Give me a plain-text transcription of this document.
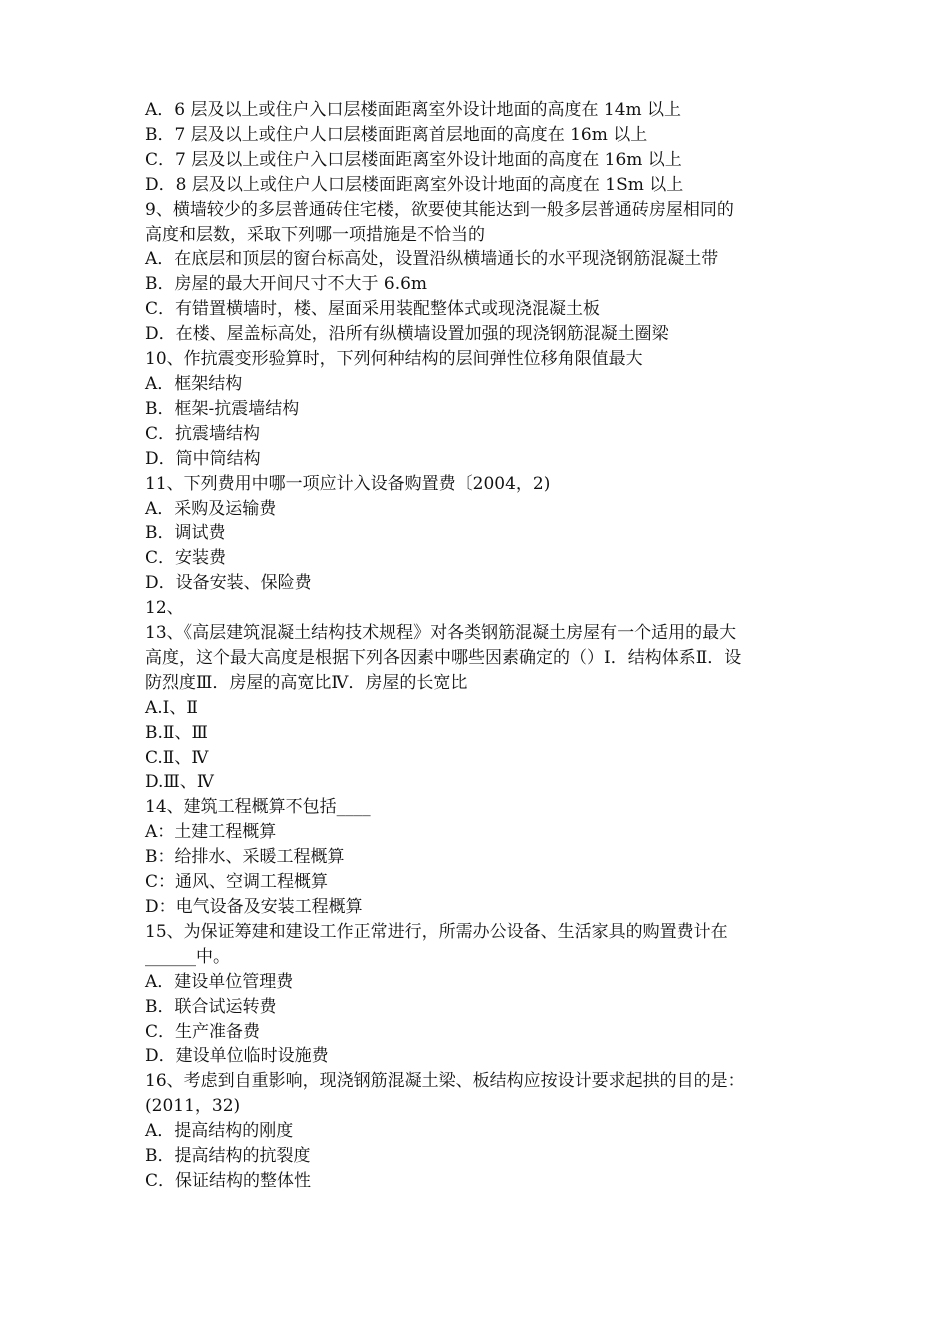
A．6 层及以上或住户入口层楼面距离室外设计地面的高度在 14m 以上

B．7 层及以上或住户人口层楼面距离首层地面的高度在 16m 以上

C．7 层及以上或住户入口层楼面距离室外设计地面的高度在 16m 以上

D．8 层及以上或住户人口层楼面距离室外设计地面的高度在 1Sm 以上

9、横墙较少的多层普通砖住宅楼，欲要使其能达到一般多层普通砖房屋相同的

高度和层数，采取下列哪一项措施是不恰当的

A．在底层和顶层的窗台标高处，设置沿纵横墙通长的水平现浇钢筋混凝土带

B．房屋的最大开间尺寸不大于 6.6m

C．有错置横墙时，楼、屋面采用装配整体式或现浇混凝土板

D．在楼、屋盖标高处，沿所有纵横墙设置加强的现浇钢筋混凝土圈梁

10、作抗震变形验算时，下列何种结构的层间弹性位移角限值最大

A．框架结构

B．框架-抗震墙结构

C．抗震墙结构

D．筒中筒结构

11、下列费用中哪一项应计入设备购置费〔2004，2)

A．采购及运输费

B．调试费

C．安装费

D．设备安装、保险费

12、

13、《高层建筑混凝土结构技术规程》对各类钢筋混凝土房屋有一个适用的最大

高度，这个最大高度是根据下列各因素中哪些因素确定的（）Ⅰ．结构体系Ⅱ．设

防烈度Ⅲ．房屋的高宽比Ⅳ．房屋的长宽比

A.Ⅰ、Ⅱ

B.Ⅱ、Ⅲ

C.Ⅱ、Ⅳ

D.Ⅲ、Ⅳ

14、建筑工程概算不包括____

A：土建工程概算

B：给排水、采暖工程概算

C：通风、空调工程概算

D：电气设备及安装工程概算

15、为保证筹建和建设工作正常进行，所需办公设备、生活家具的购置费计在

______中。

A．建设单位管理费

B．联合试运转费

C．生产准备费

D．建设单位临时设施费

16、考虑到自重影响，现浇钢筋混凝土梁、板结构应按设计要求起拱的目的是：

(2011，32)

A．提高结构的刚度

B．提高结构的抗裂度

C．保证结构的整体性
